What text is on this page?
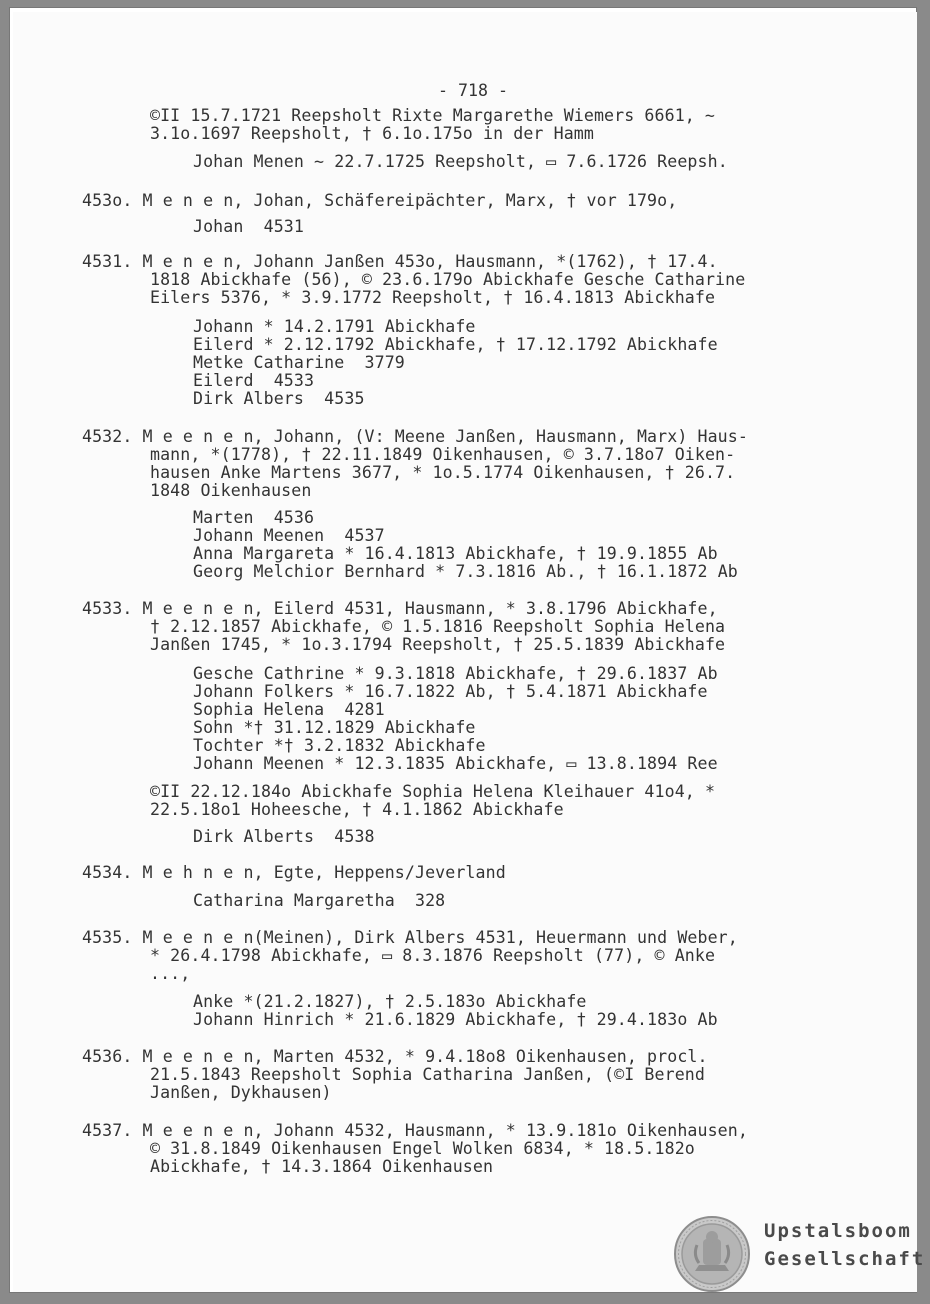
- 718 -
©II 15.7.1721 Reepsholt Rixte Margarethe Wiemers 6661, ∼
3.1o.1697 Reepsholt, † 6.1o.175o in der Hamm
Johan Menen ∼ 22.7.1725 Reepsholt, ▭ 7.6.1726 Reepsh.
453o. M e n e n, Johan, Schäfereipächter, Marx, † vor 179o,
Johan  4531
4531. M e n e n, Johann Janßen 453o, Hausmann, *(1762), † 17.4.
1818 Abickhafe (56), © 23.6.179o Abickhafe Gesche Catharine
Eilers 5376, * 3.9.1772 Reepsholt, † 16.4.1813 Abickhafe
Johann * 14.2.1791 Abickhafe
Eilerd * 2.12.1792 Abickhafe, † 17.12.1792 Abickhafe
Metke Catharine  3779
Eilerd  4533
Dirk Albers  4535
4532. M e e n e n, Johann, (V: Meene Janßen, Hausmann, Marx) Haus-
mann, *(1778), † 22.11.1849 Oikenhausen, © 3.7.18o7 Oiken-
hausen Anke Martens 3677, * 1o.5.1774 Oikenhausen, † 26.7.
1848 Oikenhausen
Marten  4536
Johann Meenen  4537
Anna Margareta * 16.4.1813 Abickhafe, † 19.9.1855 Ab
Georg Melchior Bernhard * 7.3.1816 Ab., † 16.1.1872 Ab
4533. M e e n e n, Eilerd 4531, Hausmann, * 3.8.1796 Abickhafe,
† 2.12.1857 Abickhafe, © 1.5.1816 Reepsholt Sophia Helena
Janßen 1745, * 1o.3.1794 Reepsholt, † 25.5.1839 Abickhafe
Gesche Cathrine * 9.3.1818 Abickhafe, † 29.6.1837 Ab
Johann Folkers * 16.7.1822 Ab, † 5.4.1871 Abickhafe
Sophia Helena  4281
Sohn *† 31.12.1829 Abickhafe
Tochter *† 3.2.1832 Abickhafe
Johann Meenen * 12.3.1835 Abickhafe, ▭ 13.8.1894 Ree
©II 22.12.184o Abickhafe Sophia Helena Kleihauer 41o4, *
22.5.18o1 Hoheesche, † 4.1.1862 Abickhafe
Dirk Alberts  4538
4534. M e h n e n, Egte, Heppens/Jeverland
Catharina Margaretha  328
4535. M e e n e n(Meinen), Dirk Albers 4531, Heuermann und Weber,
* 26.4.1798 Abickhafe, ▭ 8.3.1876 Reepsholt (77), © Anke
...,
Anke *(21.2.1827), † 2.5.183o Abickhafe
Johann Hinrich * 21.6.1829 Abickhafe, † 29.4.183o Ab
4536. M e e n e n, Marten 4532, * 9.4.18o8 Oikenhausen, procl.
21.5.1843 Reepsholt Sophia Catharina Janßen, (©I Berend
Janßen, Dykhausen)
4537. M e e n e n, Johann 4532, Hausmann, * 13.9.181o Oikenhausen,
© 31.8.1849 Oikenhausen Engel Wolken 6834, * 18.5.182o
Abickhafe, † 14.3.1864 Oikenhausen
Upstalsboom
Gesellschaft
